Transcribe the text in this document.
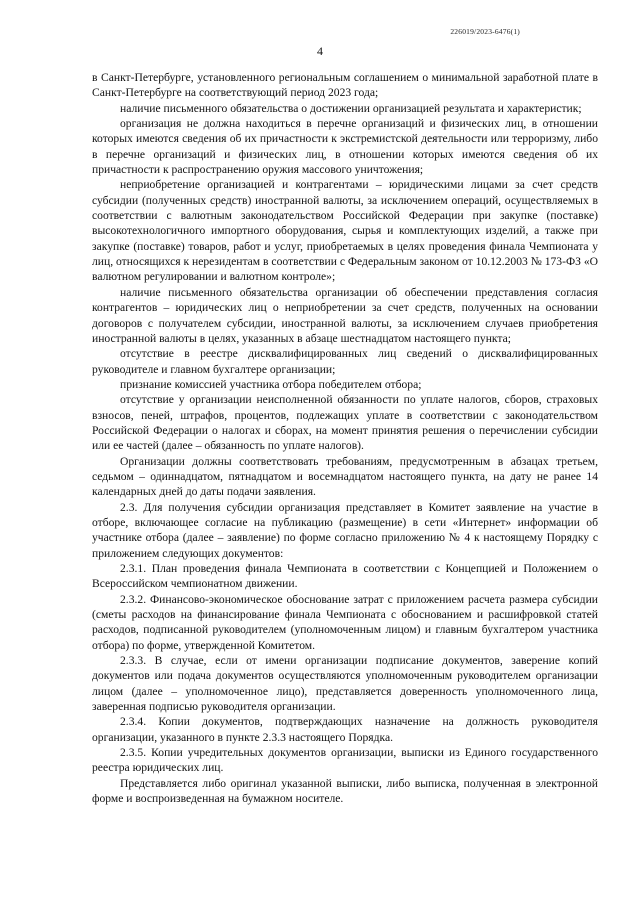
226019/2023-6476(1)
4

в Санкт-Петербурге, установленного региональным соглашением о минимальной заработной плате в Санкт-Петербурге на соответствующий период 2023 года;

наличие письменного обязательства о достижении организацией результата и характеристик;

организация не должна находиться в перечне организаций и физических лиц, в отношении которых имеются сведения об их причастности к экстремистской деятельности или терроризму, либо в перечне организаций и физических лиц, в отношении которых имеются сведения об их причастности к распространению оружия массового уничтожения;

неприобретение организацией и контрагентами – юридическими лицами за счет средств субсидии (полученных средств) иностранной валюты, за исключением операций, осуществляемых в соответствии с валютным законодательством Российской Федерации при закупке (поставке) высокотехнологичного импортного оборудования, сырья и комплектующих изделий, а также при закупке (поставке) товаров, работ и услуг, приобретаемых в целях проведения финала Чемпионата у лиц, относящихся к нерезидентам в соответствии с Федеральным законом от 10.12.2003 № 173-ФЗ «О валютном регулировании и валютном контроле»;

наличие письменного обязательства организации об обеспечении представления согласия контрагентов – юридических лиц о неприобретении за счет средств, полученных на основании договоров с получателем субсидии, иностранной валюты, за исключением случаев приобретения иностранной валюты в целях, указанных в абзаце шестнадцатом настоящего пункта;

отсутствие в реестре дисквалифицированных лиц сведений о дисквалифицированных руководителе и главном бухгалтере организации;

признание комиссией участника отбора победителем отбора;

отсутствие у организации неисполненной обязанности по уплате налогов, сборов, страховых взносов, пеней, штрафов, процентов, подлежащих уплате в соответствии с законодательством Российской Федерации о налогах и сборах, на момент принятия решения о перечислении субсидии или ее частей (далее – обязанность по уплате налогов).

Организации должны соответствовать требованиям, предусмотренным в абзацах третьем, седьмом – одиннадцатом, пятнадцатом и восемнадцатом настоящего пункта, на дату не ранее 14 календарных дней до даты подачи заявления.

2.3. Для получения субсидии организация представляет в Комитет заявление на участие в отборе, включающее согласие на публикацию (размещение) в сети «Интернет» информации об участнике отбора (далее – заявление) по форме согласно приложению № 4 к настоящему Порядку с приложением следующих документов:

2.3.1. План проведения финала Чемпионата в соответствии с Концепцией и Положением о Всероссийском чемпионатном движении.

2.3.2. Финансово-экономическое обоснование затрат с приложением расчета размера субсидии (сметы расходов на финансирование финала Чемпионата с обоснованием и расшифровкой статей расходов, подписанной руководителем (уполномоченным лицом) и главным бухгалтером участника отбора) по форме, утвержденной Комитетом.

2.3.3. В случае, если от имени организации подписание документов, заверение копий документов или подача документов осуществляются уполномоченным руководителем организации лицом (далее – уполномоченное лицо), представляется доверенность уполномоченного лица, заверенная подписью руководителя организации.

2.3.4. Копии документов, подтверждающих назначение на должность руководителя организации, указанного в пункте 2.3.3 настоящего Порядка.

2.3.5. Копии учредительных документов организации, выписки из Единого государственного реестра юридических лиц.

Представляется либо оригинал указанной выписки, либо выписка, полученная в электронной форме и воспроизведенная на бумажном носителе.
